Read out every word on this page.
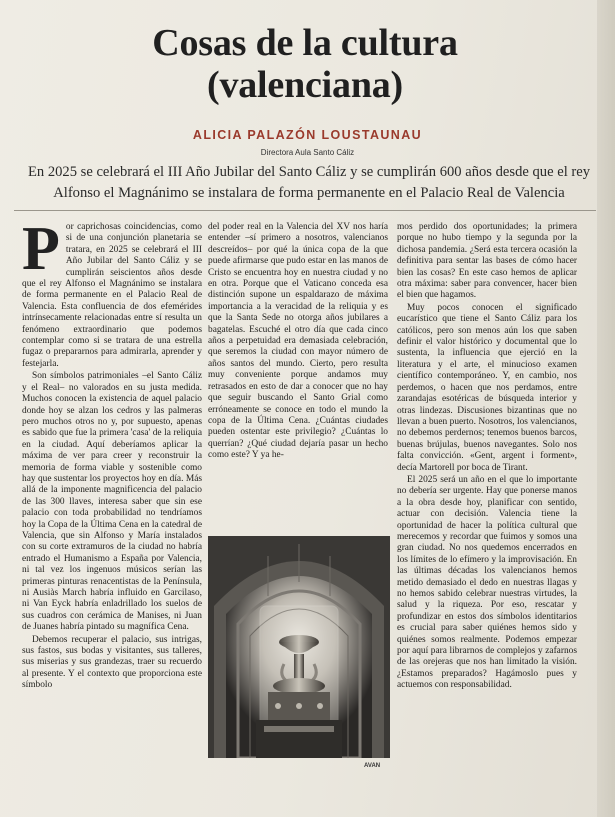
Cosas de la cultura
(valenciana)
ALICIA PALAZÓN LOUSTAUNAU
Directora Aula Santo Cáliz
En 2025 se celebrará el III Año Jubilar del Santo Cáliz y se cumplirán 600 años desde que el rey Alfonso el Magnánimo se instalara de forma permanente en el Palacio Real de Valencia

Por caprichosas coincidencias, como si de una conjunción planetaria se tratara, en 2025 se celebrará el III Año Jubilar del Santo Cáliz y se cumplirán seiscientos años desde que el rey Alfonso el Magnánimo se instalara de forma permanente en el Palacio Real de Valencia. Esta confluencia de dos efemérides intrínsecamente relacionadas entre sí resulta un fenómeno extraordinario que podemos contemplar como si se tratara de una estrella fugaz o prepararnos para admirarla, aprender y festejarla.

Son símbolos patrimoniales –el Santo Cáliz y el Real– no valorados en su justa medida. Muchos conocen la existencia de aquel palacio donde hoy se alzan los cedros y las palmeras pero muchos otros no y, por supuesto, apenas es sabido que fue la primera 'casa' de la reliquia en la ciudad. Aquí deberíamos aplicar la máxima de ver para creer y reconstruir la memoria de forma viable y sostenible como hay que sustentar los proyectos hoy en día. Más allá de la imponente magnificencia del palacio de las 300 llaves, interesa saber que sin ese palacio con toda probabilidad no tendríamos hoy la Copa de la Última Cena en la catedral de Valencia, que sin Alfonso y María instalados con su corte extramuros de la ciudad no habría entrado el Humanismo a España por Valencia, ni tal vez los ingenuos músicos serían las primeras pinturas renacentistas de la Península, ni Ausiàs March habría influido en Garcilaso, ni Van Eyck habría enladrillado los suelos de sus cuadros con cerámica de Manises, ni Juan de Juanes habría pintado su magnífica Cena.

Debemos recuperar el palacio, sus intrigas, sus fastos, sus bodas y visitantes, sus talleres, sus miserias y sus grandezas, traer su recuerdo al presente. Y el contexto que proporciona este símbolo

del poder real en la Valencia del XV nos haría entender –sí primero a nosotros, valencianos descreídos– por qué la única copa de la que puede afirmarse que pudo estar en las manos de Cristo se encuentra hoy en nuestra ciudad y no en otra. Porque que el Vaticano conceda esa distinción supone un espaldarazo de máxima importancia a la veracidad de la reliquia y es que la Santa Sede no otorga años jubilares a bagatelas. Escuché el otro día que cada cinco años a perpetuidad era demasiada celebración, que seremos la ciudad con mayor número de años santos del mundo. Cierto, pero resulta muy conveniente porque andamos muy retrasados en esto de dar a conocer que no hay que seguir buscando el Santo Grial como erróneamente se conoce en todo el mundo la copa de la Última Cena. ¿Cuántas ciudades pueden ostentar este privilegio? ¿Cuántas lo querrían? ¿Qué ciudad dejaría pasar un hecho como este? Y ya he-

AVAN

mos perdido dos oportunidades; la primera porque no hubo tiempo y la segunda por la dichosa pandemia. ¿Será esta tercera ocasión la definitiva para sentar las bases de cómo hacer bien las cosas? En este caso hemos de aplicar otra máxima: saber para convencer, hacer bien el bien que hagamos.

Muy pocos conocen el significado eucarístico que tiene el Santo Cáliz para los católicos, pero son menos aún los que saben definir el valor histórico y documental que lo sustenta, la influencia que ejerció en la literatura y el arte, el minucioso examen científico contemporáneo. Y, en cambio, nos perdemos, o hacen que nos perdamos, entre zarandajas esotéricas de búsqueda interior y otras lindezas. Discusiones bizantinas que no llevan a buen puerto. Nosotros, los valencianos, no debemos perdernos; tenemos buenos barcos, buenas brújulas, buenos navegantes. Solo nos falta convicción. «Gent, argent i forment», decía Martorell por boca de Tirant.

El 2025 será un año en el que lo importante no debería ser urgente. Hay que ponerse manos a la obra desde hoy, planificar con sentido, actuar con decisión. Valencia tiene la oportunidad de hacer la política cultural que merecemos y recordar que fuimos y somos una gran ciudad. No nos quedemos encerrados en los límites de lo efímero y la improvisación. En las últimas décadas los valencianos hemos metido demasiado el dedo en nuestras llagas y no hemos sabido celebrar nuestras virtudes, la salud y la riqueza. Por eso, rescatar y profundizar en estos dos símbolos identitarios es crucial para saber quiénes hemos sido y quiénes somos realmente. Podemos empezar por aquí para librarnos de complejos y zafarnos de las orejeras que nos han limitado la visión. ¿Estamos preparados? Hagámoslo pues y actuemos con responsabilidad.
